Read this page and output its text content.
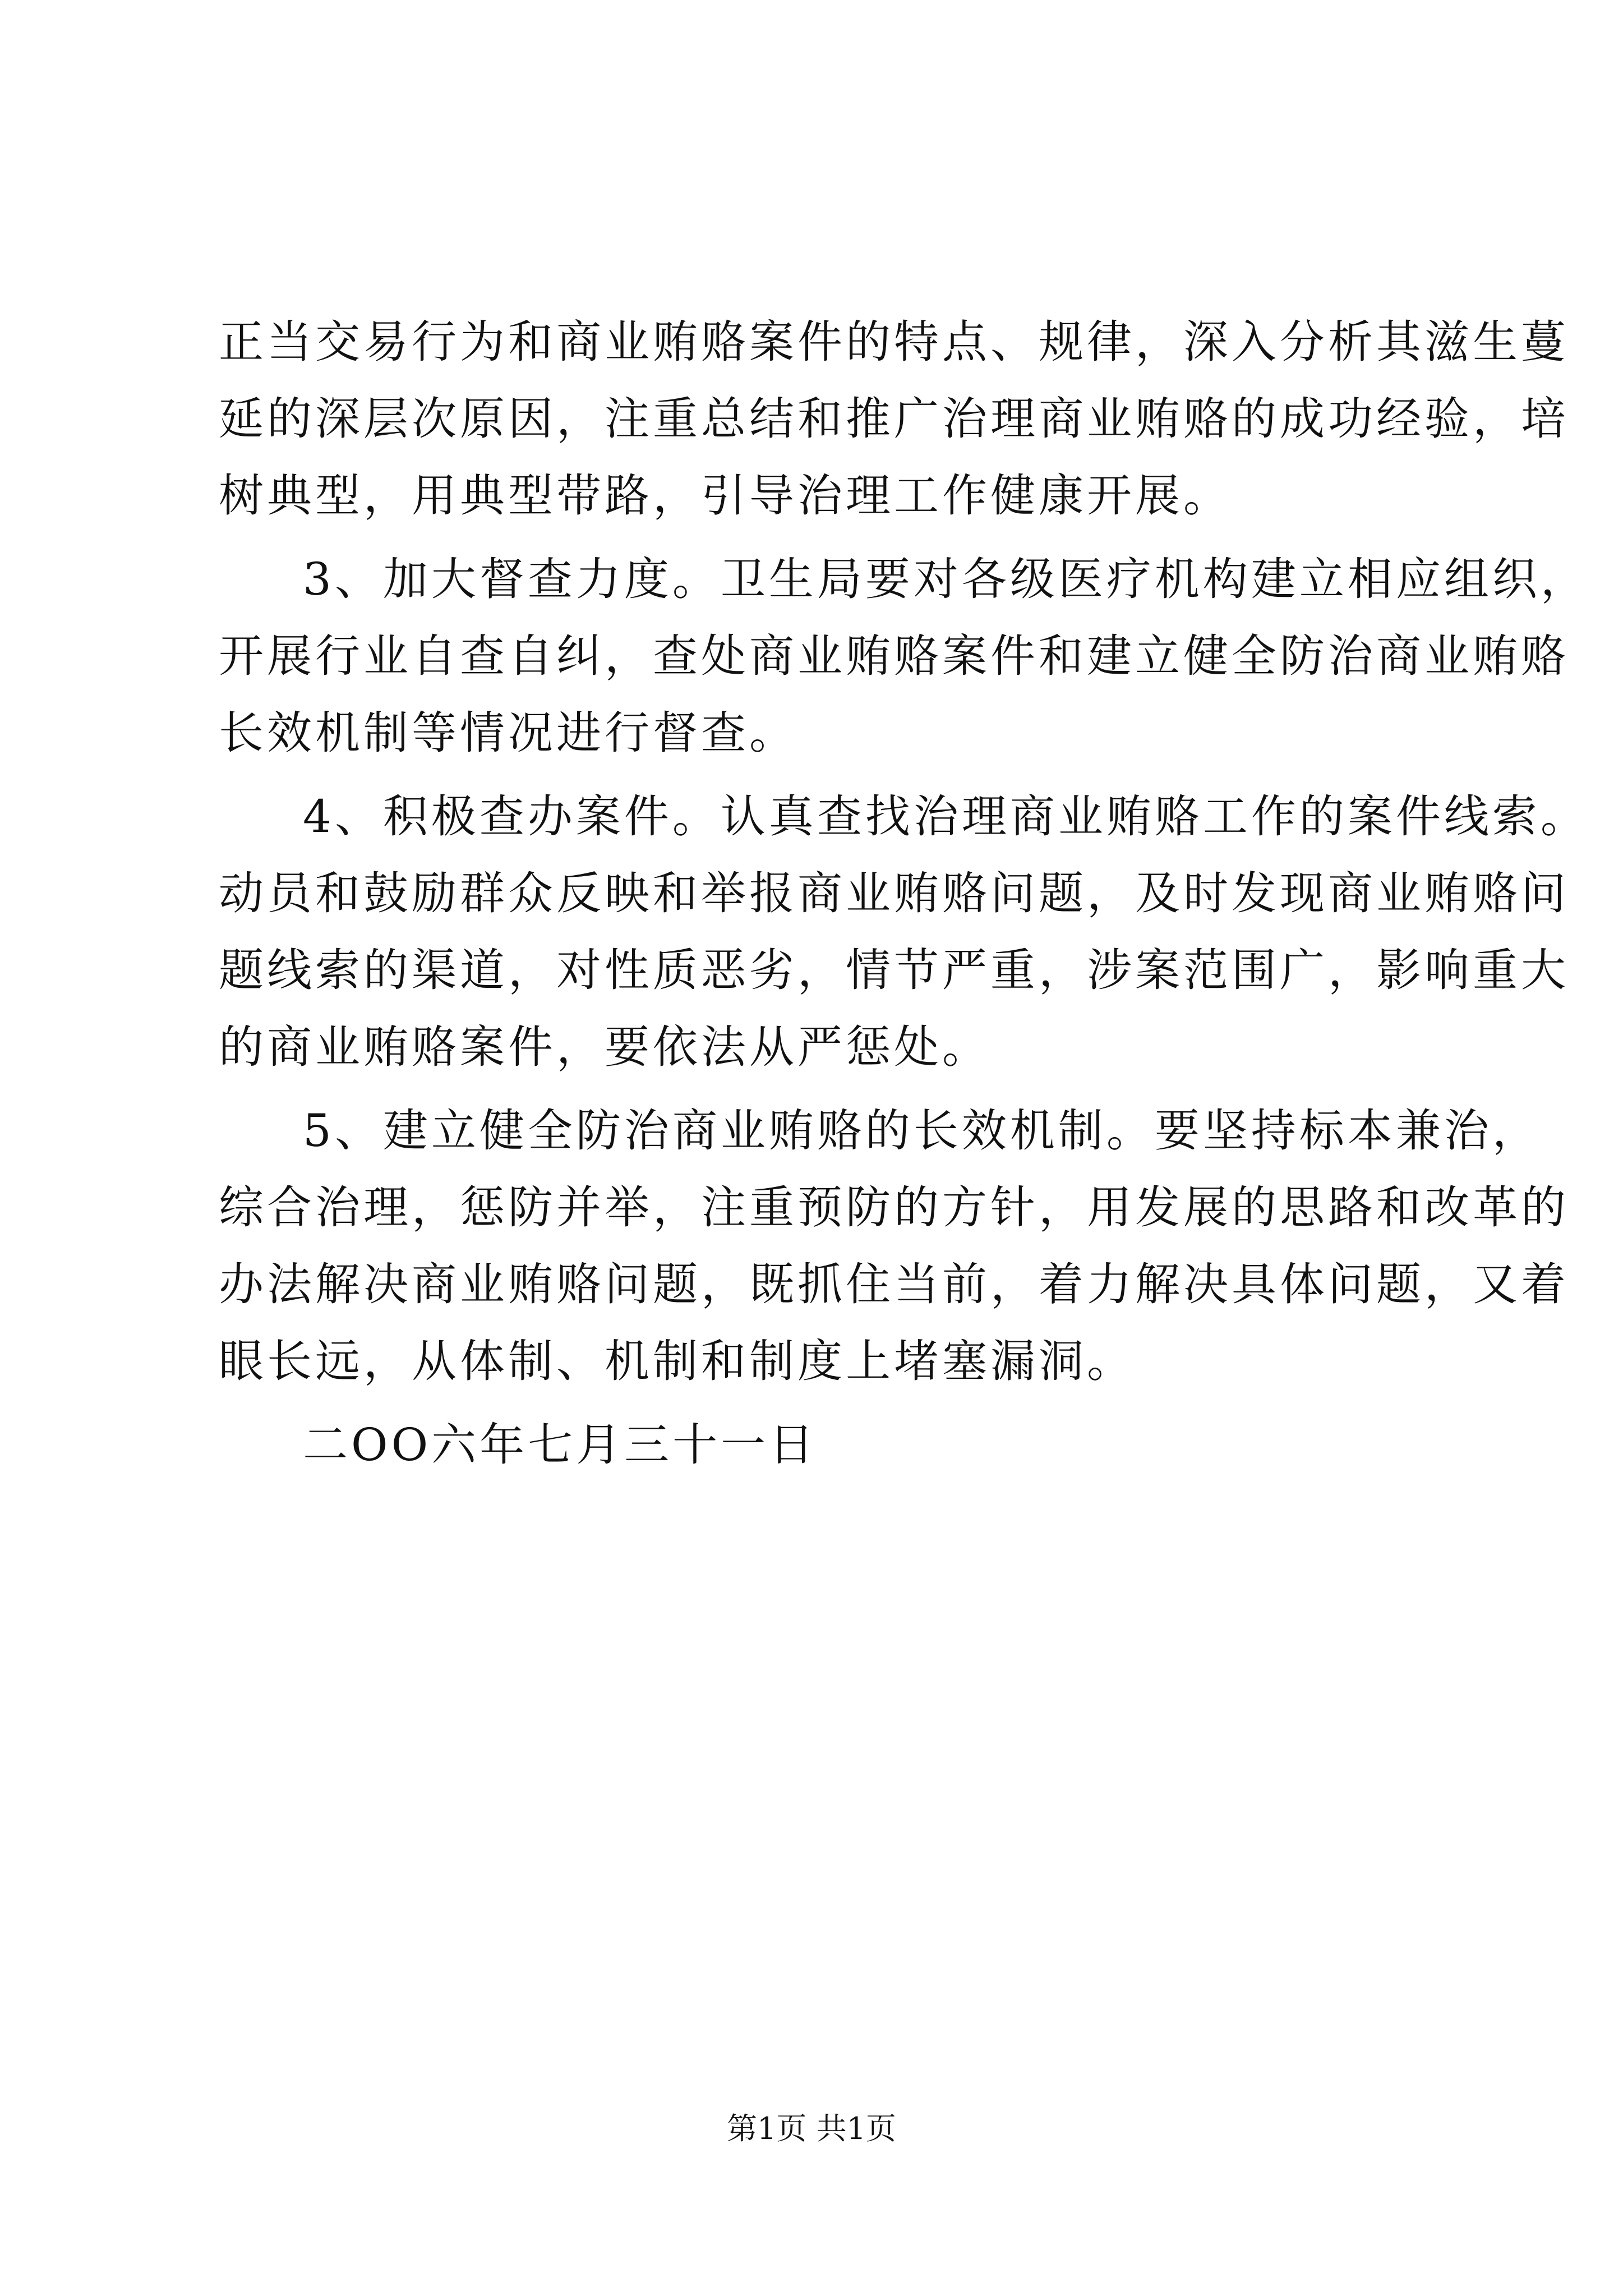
正当交易行为和商业贿赂案件的特点、规律，深入分析其滋生蔓
延的深层次原因，注重总结和推广治理商业贿赂的成功经验，培
树典型，用典型带路，引导治理工作健康开展。
3、加大督查力度。卫生局要对各级医疗机构建立相应组织，
开展行业自查自纠，查处商业贿赂案件和建立健全防治商业贿赂
长效机制等情况进行督查。
4、积极查办案件。认真查找治理商业贿赂工作的案件线索。
动员和鼓励群众反映和举报商业贿赂问题，及时发现商业贿赂问
题线索的渠道，对性质恶劣，情节严重，涉案范围广，影响重大
的商业贿赂案件，要依法从严惩处。
5、建立健全防治商业贿赂的长效机制。要坚持标本兼治，
综合治理，惩防并举，注重预防的方针，用发展的思路和改革的
办法解决商业贿赂问题，既抓住当前，着力解决具体问题，又着
眼长远，从体制、机制和制度上堵塞漏洞。
二OO六年七月三十一日
第1页 共1页
